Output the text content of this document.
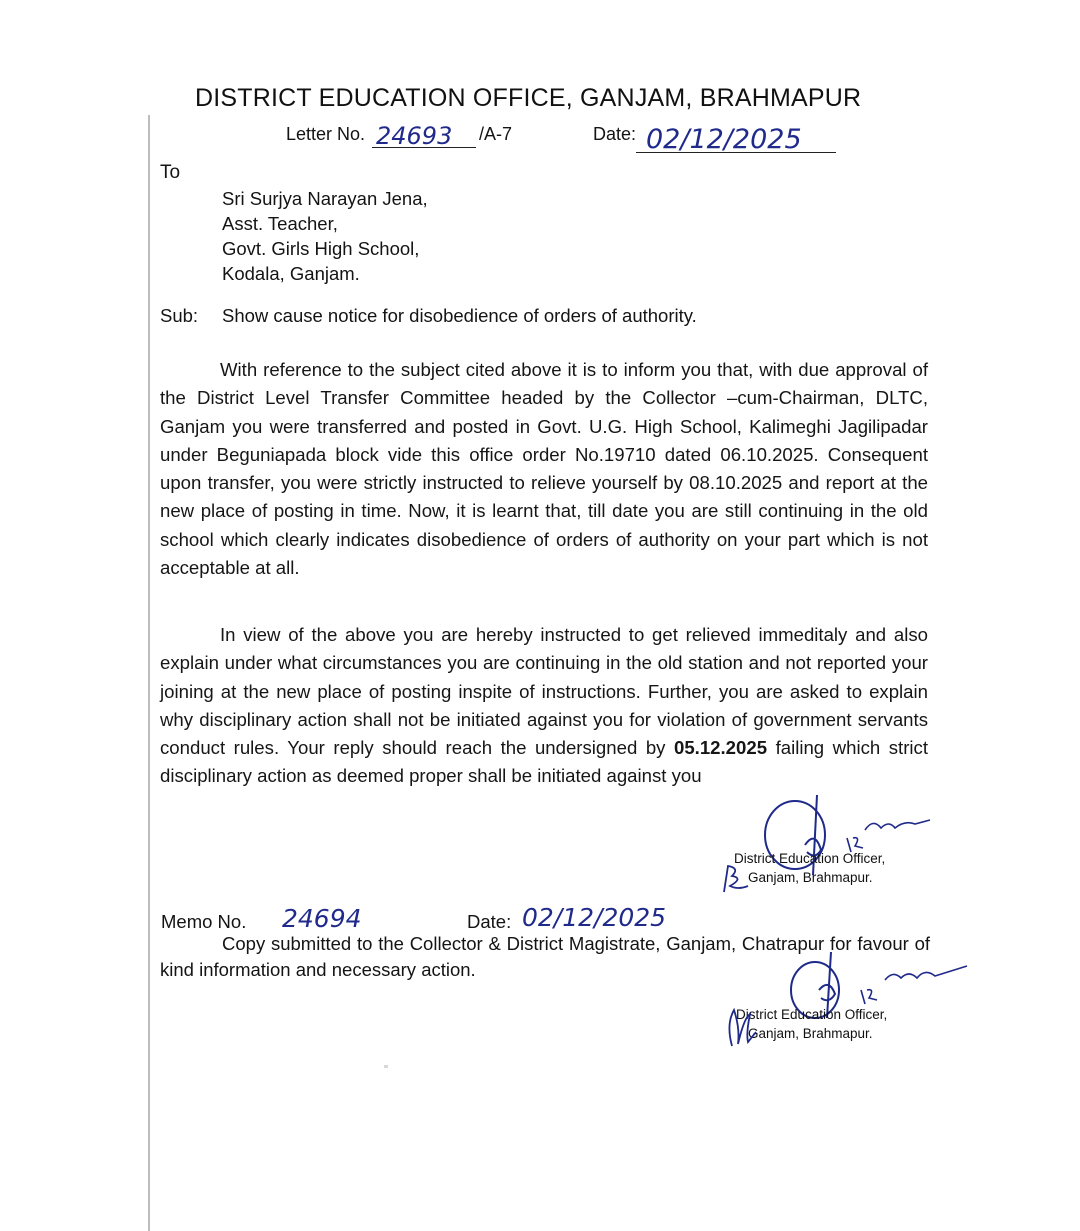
DISTRICT EDUCATION OFFICE, GANJAM, BRAHMAPUR
Letter No. 24693 /A-7	Date: 02/12/2025
To
Sri Surjya Narayan Jena,
Asst. Teacher,
Govt. Girls High School,
Kodala, Ganjam.
Sub: Show cause notice for disobedience of orders of authority.
With reference to the subject cited above it is to inform you that, with due approval of the District Level Transfer Committee headed by the Collector –cum-Chairman, DLTC, Ganjam you were transferred and posted in Govt. U.G. High School, Kalimeghi Jagilipadar under Beguniapada block vide this office order No.19710 dated 06.10.2025. Consequent upon transfer, you were strictly instructed to relieve yourself by 08.10.2025 and report at the new place of posting in time. Now, it is learnt that, till date you are still continuing in the old school which clearly indicates disobedience of orders of authority on your part which is not acceptable at all.
In view of the above you are hereby instructed to get relieved immeditaly and also explain under what circumstances you are continuing in the old station and not reported your joining at the new place of posting inspite of instructions. Further, you are asked to explain why disciplinary action shall not be initiated against you for violation of government servants conduct rules. Your reply should reach the undersigned by 05.12.2025 failing which strict disciplinary action as deemed proper shall be initiated against you
District Education Officer,
Ganjam, Brahmapur.
Memo No. 24694	Date: 02/12/2025
Copy submitted to the Collector & District Magistrate, Ganjam, Chatrapur for favour of kind information and necessary action.
District Education Officer,
Ganjam, Brahmapur.
